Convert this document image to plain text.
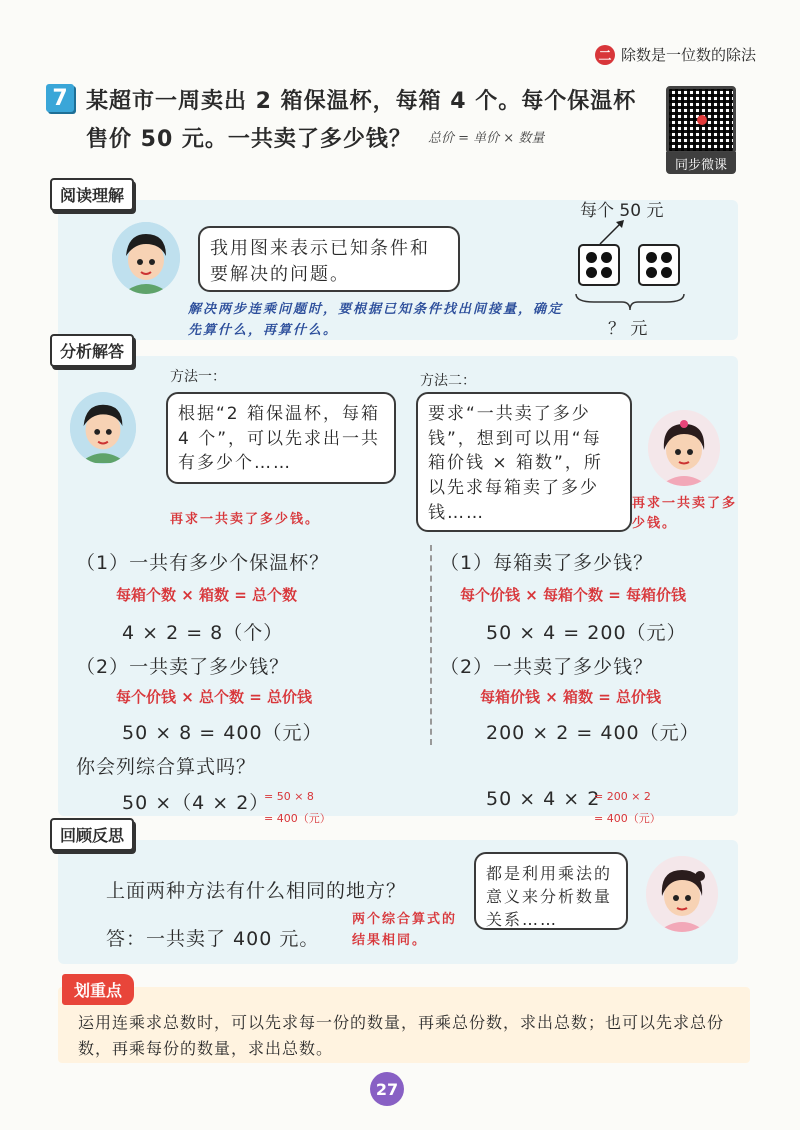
二 除数是一位数的除法
7 某超市一周卖出 2 箱保温杯，每箱 4 个。每个保温杯
售价 50 元。一共卖了多少钱？ 总价 = 单价 × 数量
同步微课
阅读理解
我用图来表示已知条件和要解决的问题。
解决两步连乘问题时，要根据已知条件找出间接量，确定先算什么，再算什么。
每个 50 元
？ 元
分析解答
方法一：	方法二：
根据“2 箱保温杯，每箱 4 个”，可以先求出一共有多少个……
再求一共卖了多少钱。
要求“一共卖了多少钱”，想到可以用“每箱价钱 × 箱数”，所以先求每箱卖了多少钱……	再求一共卖了多少钱。
（1）一共有多少个保温杯？
每箱个数 × 箱数 = 总个数
4 × 2 = 8（个）
（2）一共卖了多少钱？
每个价钱 × 总个数 = 总价钱
50 × 8 = 400（元）
（1）每箱卖了多少钱？
每个价钱 × 每箱个数 = 每箱价钱
50 × 4 = 200（元）
（2）一共卖了多少钱？
每箱价钱 × 箱数 = 总价钱
200 × 2 = 400（元）
你会列综合算式吗？
50 ×（4 × 2）
= 50 × 8
= 400（元）
50 × 4 × 2
= 200 × 2
= 400（元）
回顾反思
上面两种方法有什么相同的地方？
答：一共卖了 400 元。
两个综合算式的结果相同。
都是利用乘法的意义来分析数量关系……
划重点
运用连乘求总数时，可以先求每一份的数量，再乘总份数，求出总数；也可以先求总份数，再乘每份的数量，求出总数。
27
